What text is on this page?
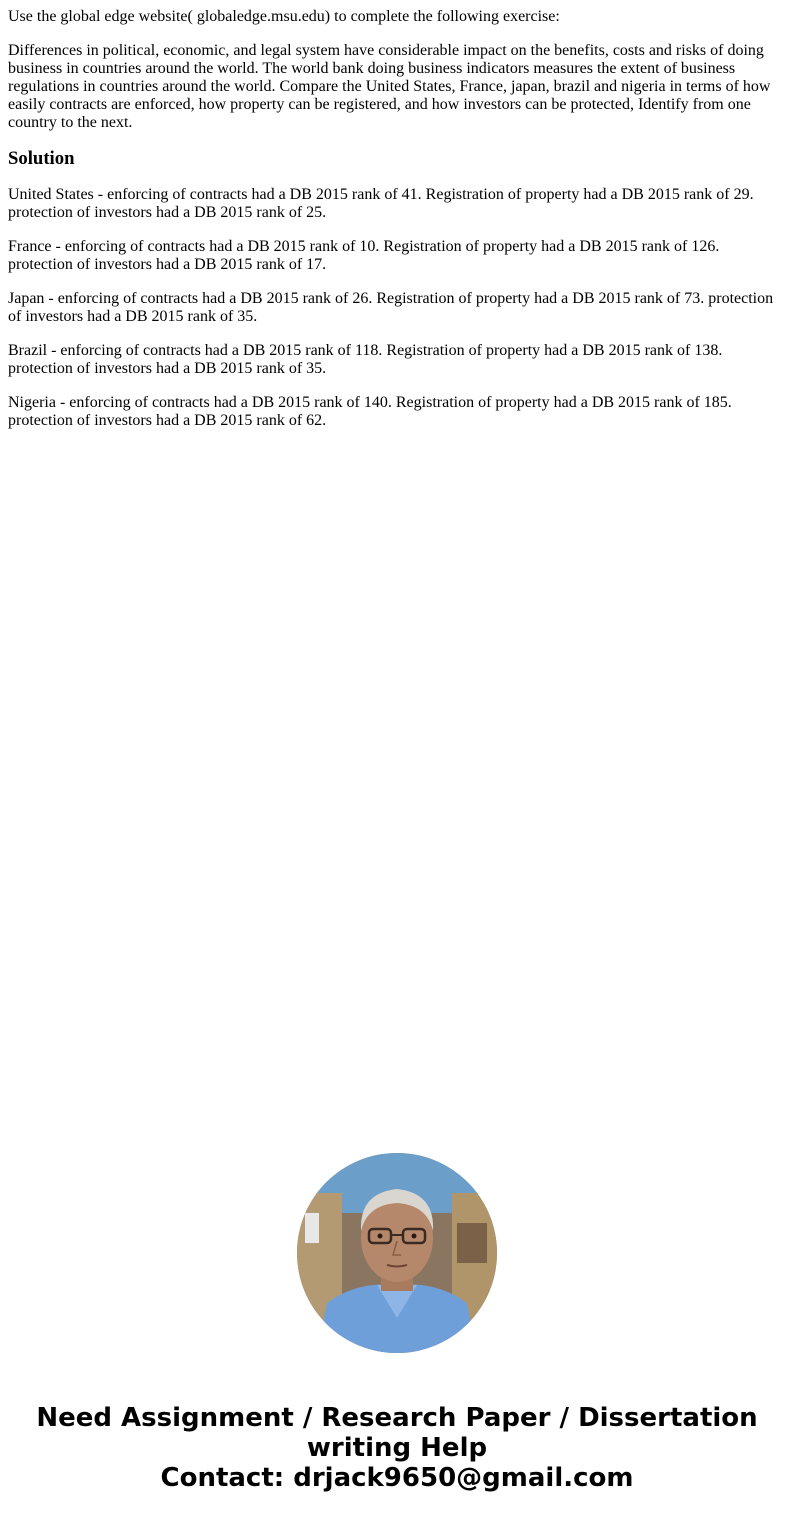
Use the global edge website( globaledge.msu.edu) to complete the following exercise:

Differences in political, economic, and legal system have considerable impact on the benefits, costs and risks of doing business in countries around the world. The world bank doing business indicators measures the extent of business regulations in countries around the world. Compare the United States, France, japan, brazil and nigeria in terms of how easily contracts are enforced, how property can be registered, and how investors can be protected, Identify from one country to the next.

Solution

United States - enforcing of contracts had a DB 2015 rank of 41. Registration of property had a DB 2015 rank of 29. protection of investors had a DB 2015 rank of 25.

France - enforcing of contracts had a DB 2015 rank of 10. Registration of property had a DB 2015 rank of 126. protection of investors had a DB 2015 rank of 17.

Japan - enforcing of contracts had a DB 2015 rank of 26. Registration of property had a DB 2015 rank of 73. protection of investors had a DB 2015 rank of 35.

Brazil - enforcing of contracts had a DB 2015 rank of 118. Registration of property had a DB 2015 rank of 138. protection of investors had a DB 2015 rank of 35.

Nigeria - enforcing of contracts had a DB 2015 rank of 140. Registration of property had a DB 2015 rank of 185. protection of investors had a DB 2015 rank of 62.

Need Assignment / Research Paper / Dissertation
writing Help
Contact: drjack9650@gmail.com
